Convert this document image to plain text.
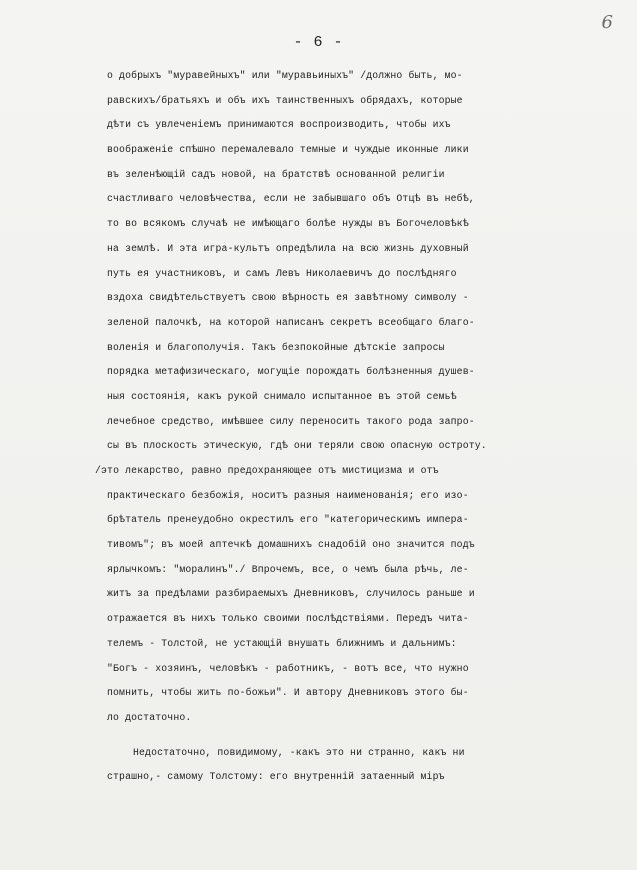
6
- 6 -
о добрыхъ "муравейныхъ" или "муравьиныхъ" /должно быть, мо-
равскихъ/братьяхъ и объ ихъ таинственныхъ обрядахъ, которые
дѣти съ увлеченіемъ принимаются воспроизводить, чтобы ихъ
воображеніе спѣшно перемалевало темные и чуждые иконные лики
въ зеленѣющій садъ новой, на братствѣ основанной религіи
счастливаго человѣчества, если не забывшаго объ Отцѣ въ небѣ,
то во всякомъ случаѣ не имѣющаго болѣе нужды въ Богочеловѣкѣ
на землѣ. И эта игра-культъ опредѣлила на всю жизнь духовный
путь ея участниковъ, и самъ Левъ Николаевичъ до послѣдняго
вздоха свидѣтельствуетъ свою вѣрность ея завѣтному символу -
зеленой палочкѣ, на которой написанъ секретъ всеобщаго благо-
воленія и благополучія. Такъ безпокойные дѣтскіе запросы
порядка метафизическаго, могущіе порождать болѣзненныя душев-
ныя состоянія, какъ рукой снимало испытанное въ этой семьѣ
лечебное средство, имѣвшее силу переносить такого рода запро-
сы въ плоскость этическую, гдѣ они теряли свою опасную остроту.
/это лекарство, равно предохраняющее отъ мистицизма и отъ
практическаго безбожія, носитъ разныя наименованія; его изо-
брѣтатель пренеудобно окрестилъ его "категорическимъ импера-
тивомъ"; въ моей аптечкѣ домашнихъ снадобій оно значится подъ
ярлычкомъ: "моралинъ"./ Впрочемъ, все, о чемъ была рѣчь, ле-
житъ за предѣлами разбираемыхъ Дневниковъ, случилось раньше и
отражается въ нихъ только своими послѣдствіями. Передъ чита-
телемъ - Толстой, не устающій внушать ближнимъ и дальнимъ:
"Богъ - хозяинъ, человѣкъ - работникъ, - вотъ все, что нужно
помнить, чтобы жить по-божьи". И автору Дневниковъ этого бы-
ло достаточно.
Недостаточно, повидимому, -какъ это ни странно, какъ ни
страшно,- самому Толстому: его внутренній затаенный міръ
